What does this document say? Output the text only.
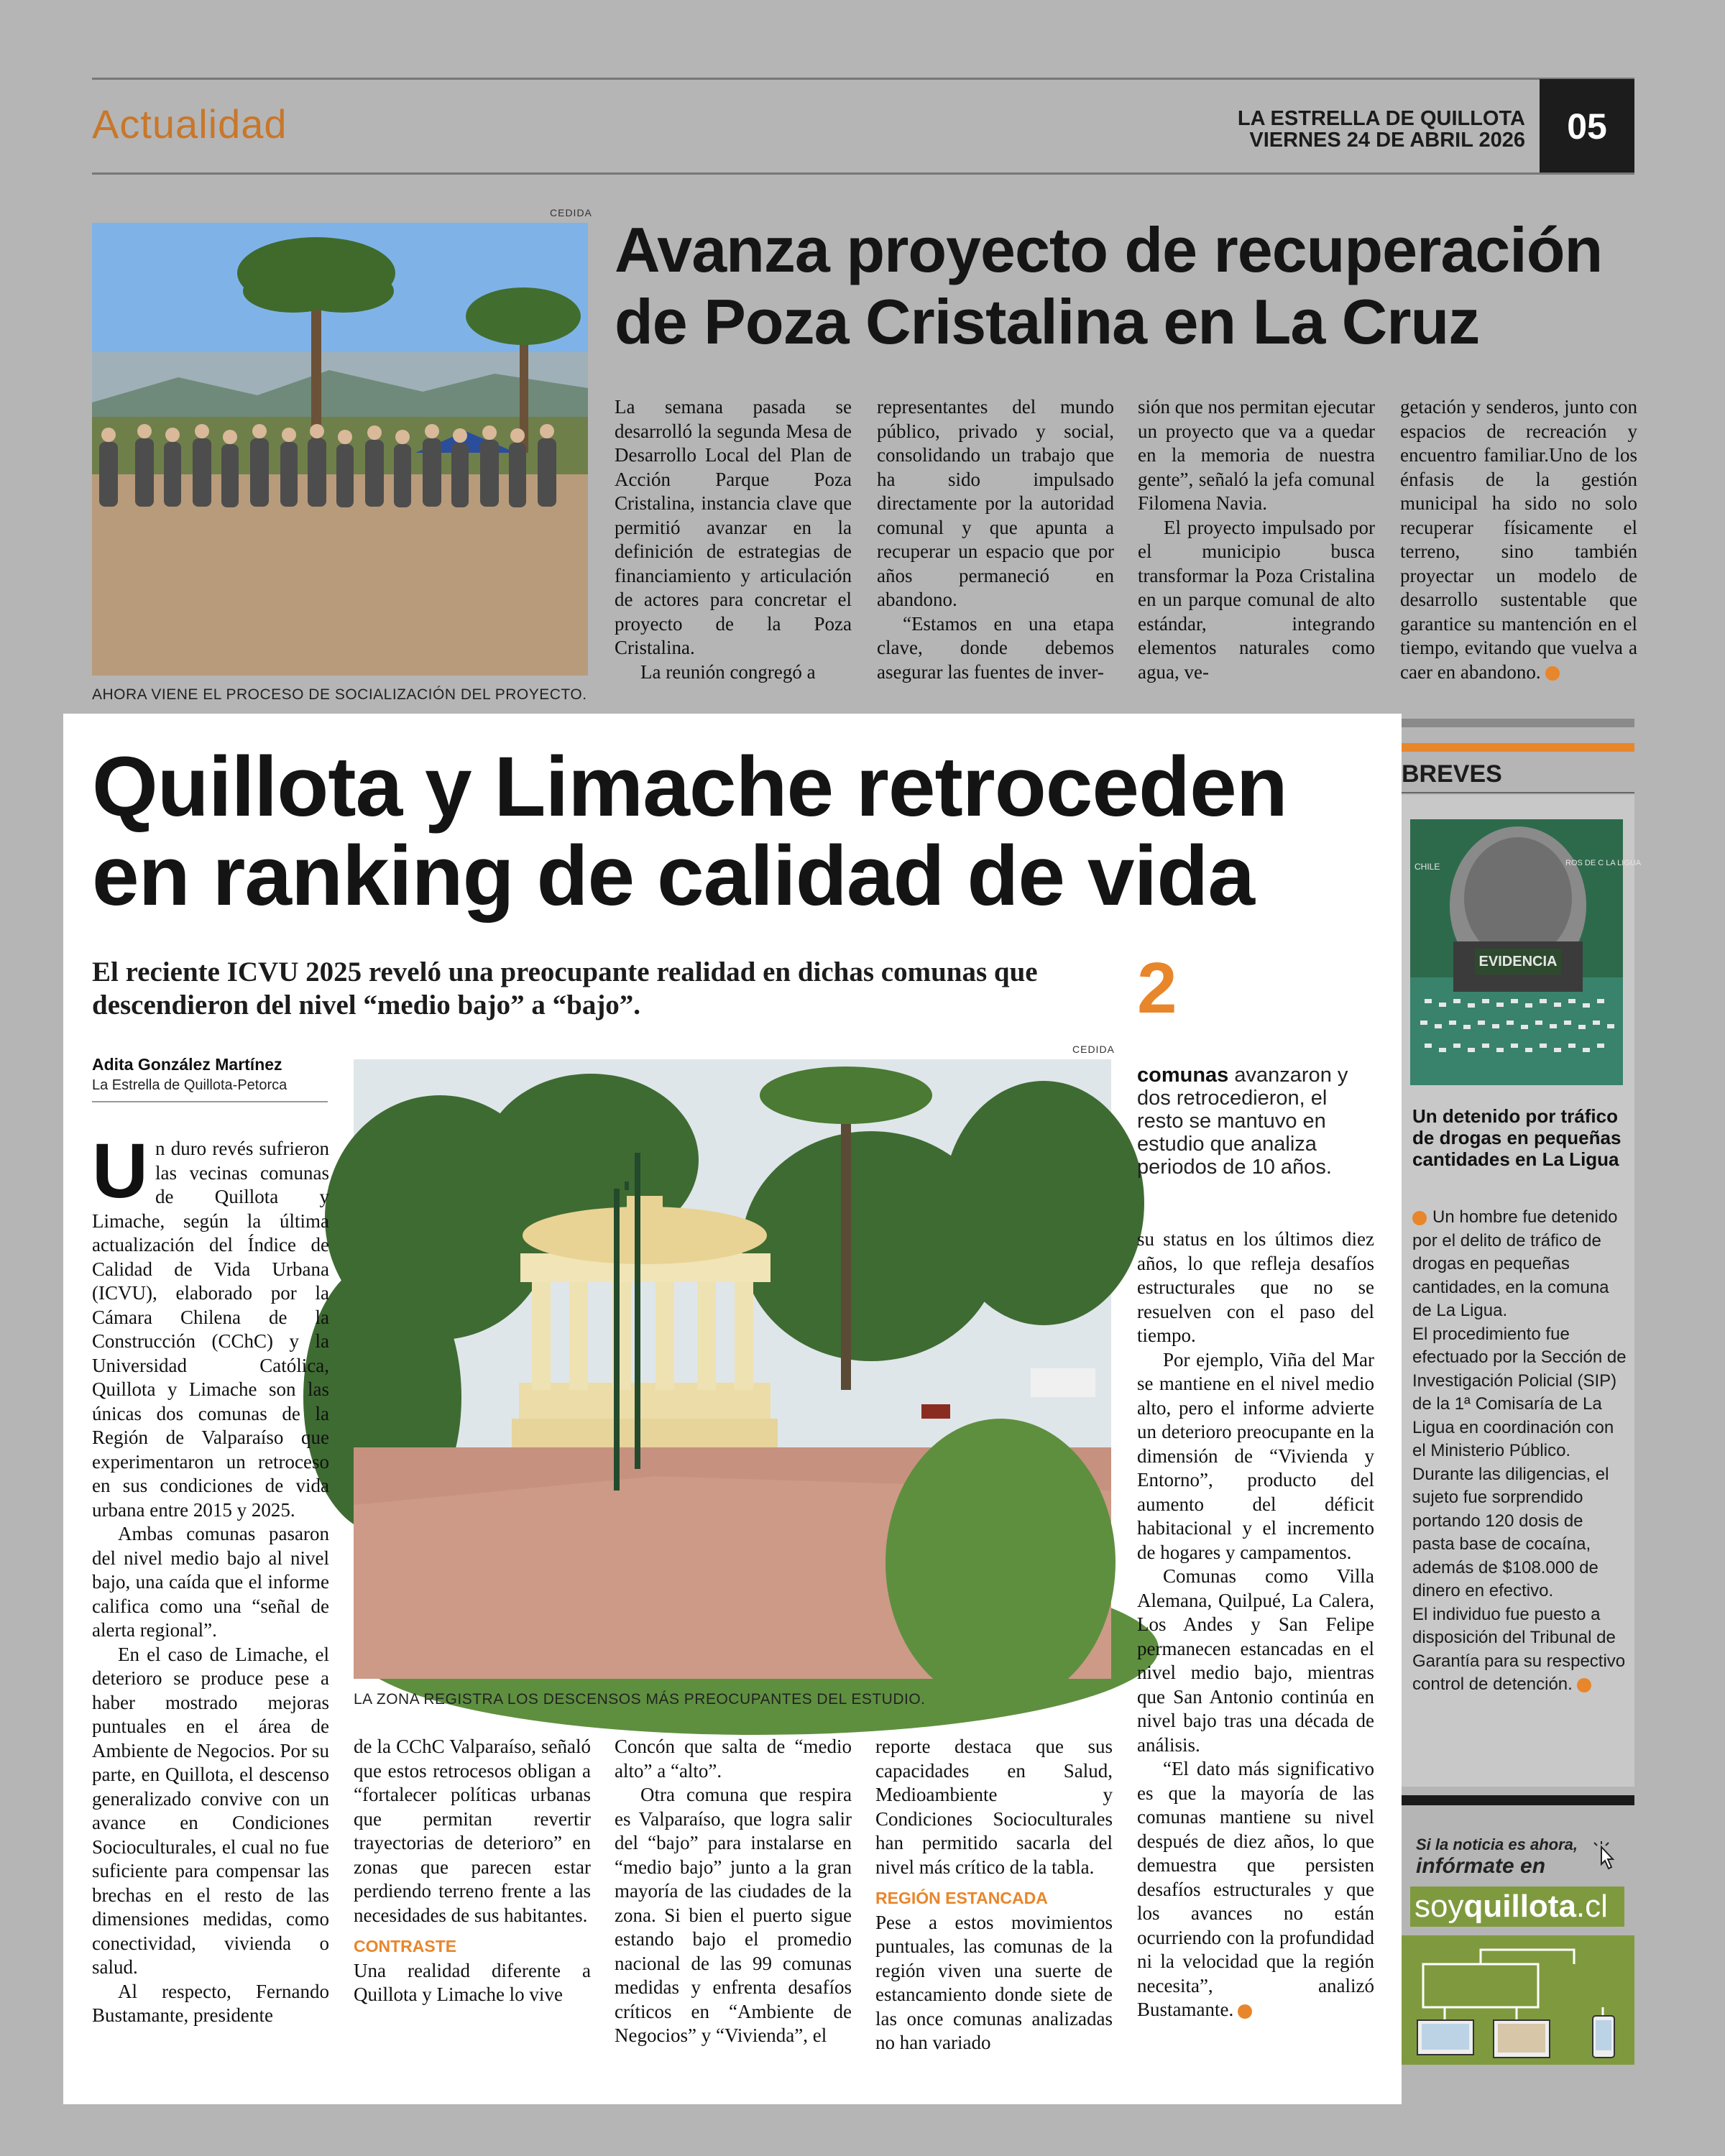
Actualidad	LA ESTRELLA DE QUILLOTA
VIERNES 24 DE ABRIL 2026	05
CEDIDA
AHORA VIENE EL PROCESO DE SOCIALIZACIÓN DEL PROYECTO.
Avanza proyecto de recuperación de Poza Cristalina en La Cruz

La semana pasada se desarrolló la segunda Mesa de Desarrollo Local del Plan de Acción Parque Poza Cristalina, instancia clave que permitió avanzar en la definición de estrategias de financiamiento y articulación de actores para concretar el proyecto de la Poza Cristalina.

La reunión congregó a

representantes del mundo público, privado y social, consolidando un trabajo que ha sido impulsado directamente por la autoridad comunal y que apunta a recuperar un espacio que por años permaneció en abandono.

“Estamos en una etapa clave, donde debemos asegurar las fuentes de inver-

sión que nos permitan ejecutar un proyecto que va a quedar en la memoria de nuestra gente”, señaló la jefa comunal Filomena Navia.

El proyecto impulsado por el municipio busca transformar la Poza Cristalina en un parque comunal de alto estándar, integrando elementos naturales como agua, ve-

getación y senderos, junto con espacios de recreación y encuentro familiar.Uno de los énfasis de la gestión municipal ha sido no solo recuperar físicamente el terreno, sino también proyectar un modelo de desarrollo sustentable que garantice su mantención en el tiempo, evitando que vuelva a caer en abandono.

Quillota y Limache retroceden en ranking de calidad de vida
El reciente ICVU 2025 reveló una preocupante realidad en dichas comunas que descendieron del nivel “medio bajo” a “bajo”.	2
Adita González Martínez
La Estrella de Quillota-Petorca
CEDIDA
LA ZONA REGISTRA LOS DESCENSOS MÁS PREOCUPANTES DEL ESTUDIO.
comunas avanzaron y dos retrocedieron, el resto se mantuvo en estudio que analiza periodos de 10 años.

Un duro revés sufrieron las vecinas comunas de Quillota y Limache, según la última actualización del Índice de Calidad de Vida Urbana (ICVU), elaborado por la Cámara Chilena de la Construcción (CChC) y la Universidad Católica, Quillota y Limache son las únicas dos comunas de la Región de Valparaíso que experimentaron un retroceso en sus condiciones de vida urbana entre 2015 y 2025.

Ambas comunas pasaron del nivel medio bajo al nivel bajo, una caída que el informe califica como una “señal de alerta regional”.

En el caso de Limache, el deterioro se produce pese a haber mostrado mejoras puntuales en el área de Ambiente de Negocios. Por su parte, en Quillota, el descenso generalizado convive con un avance en Condiciones Socioculturales, el cual no fue suficiente para compensar las brechas en el resto de las dimensiones medidas, como conectividad, vivienda o salud.

Al respecto, Fernando Bustamante, presidente

de la CChC Valparaíso, señaló que estos retrocesos obligan a “fortalecer políticas urbanas que permitan revertir trayectorias de deterioro” en zonas que parecen estar perdiendo terreno frente a las necesidades de sus habitantes.

CONTRASTE

Una realidad diferente a Quillota y Limache lo vive

Concón que salta de “medio alto” a “alto”.

Otra comuna que respira es Valparaíso, que logra salir del “bajo” para instalarse en “medio bajo” junto a la gran mayoría de las ciudades de la zona. Si bien el puerto sigue estando bajo el promedio nacional de las 99 comunas medidas y enfrenta desafíos críticos en “Ambiente de Negocios” y “Vivienda”, el

reporte destaca que sus capacidades en Salud, Medioambiente y Condiciones Socioculturales han permitido sacarla del nivel más crítico de la tabla.

REGIÓN ESTANCADA

Pese a estos movimientos puntuales, las comunas de la región viven una suerte de estancamiento donde siete de las once comunas analizadas no han variado

su status en los últimos diez años, lo que refleja desafíos estructurales que no se resuelven con el paso del tiempo.

Por ejemplo, Viña del Mar se mantiene en el nivel medio alto, pero el informe advierte un deterioro preocupante en la dimensión de “Vivienda y Entorno”, producto del aumento del déficit habitacional y el incremento de hogares y campamentos.

Comunas como Villa Alemana, Quilpué, La Calera, Los Andes y San Felipe permanecen estancadas en el nivel medio bajo, mientras que San Antonio continúa en nivel bajo tras una década de análisis.

“El dato más significativo es que la mayoría de las comunas mantiene su nivel después de diez años, lo que demuestra que persisten desafíos estructurales y que los avances no están ocurriendo con la profundidad ni la velocidad que la región necesita”, analizó Bustamante.

BREVES
EVIDENCIA
CHILE	ROS DE C LA LIGUA
Un detenido por tráfico de drogas en pequeñas cantidades en La Ligua
Un hombre fue detenido por el delito de tráfico de drogas en pequeñas cantidades, en la comuna de La Ligua.
El procedimiento fue efectuado por la Sección de Investigación Policial (SIP) de la 1ª Comisaría de La Ligua en coordinación con el Ministerio Público.
Durante las diligencias, el sujeto fue sorprendido portando 120 dosis de pasta base de cocaína, además de $108.000 de dinero en efectivo.
El individuo fue puesto a disposición del Tribunal de Garantía para su respectivo control de detención.
Si la noticia es ahora,
infórmate en
soy quillota .cl
